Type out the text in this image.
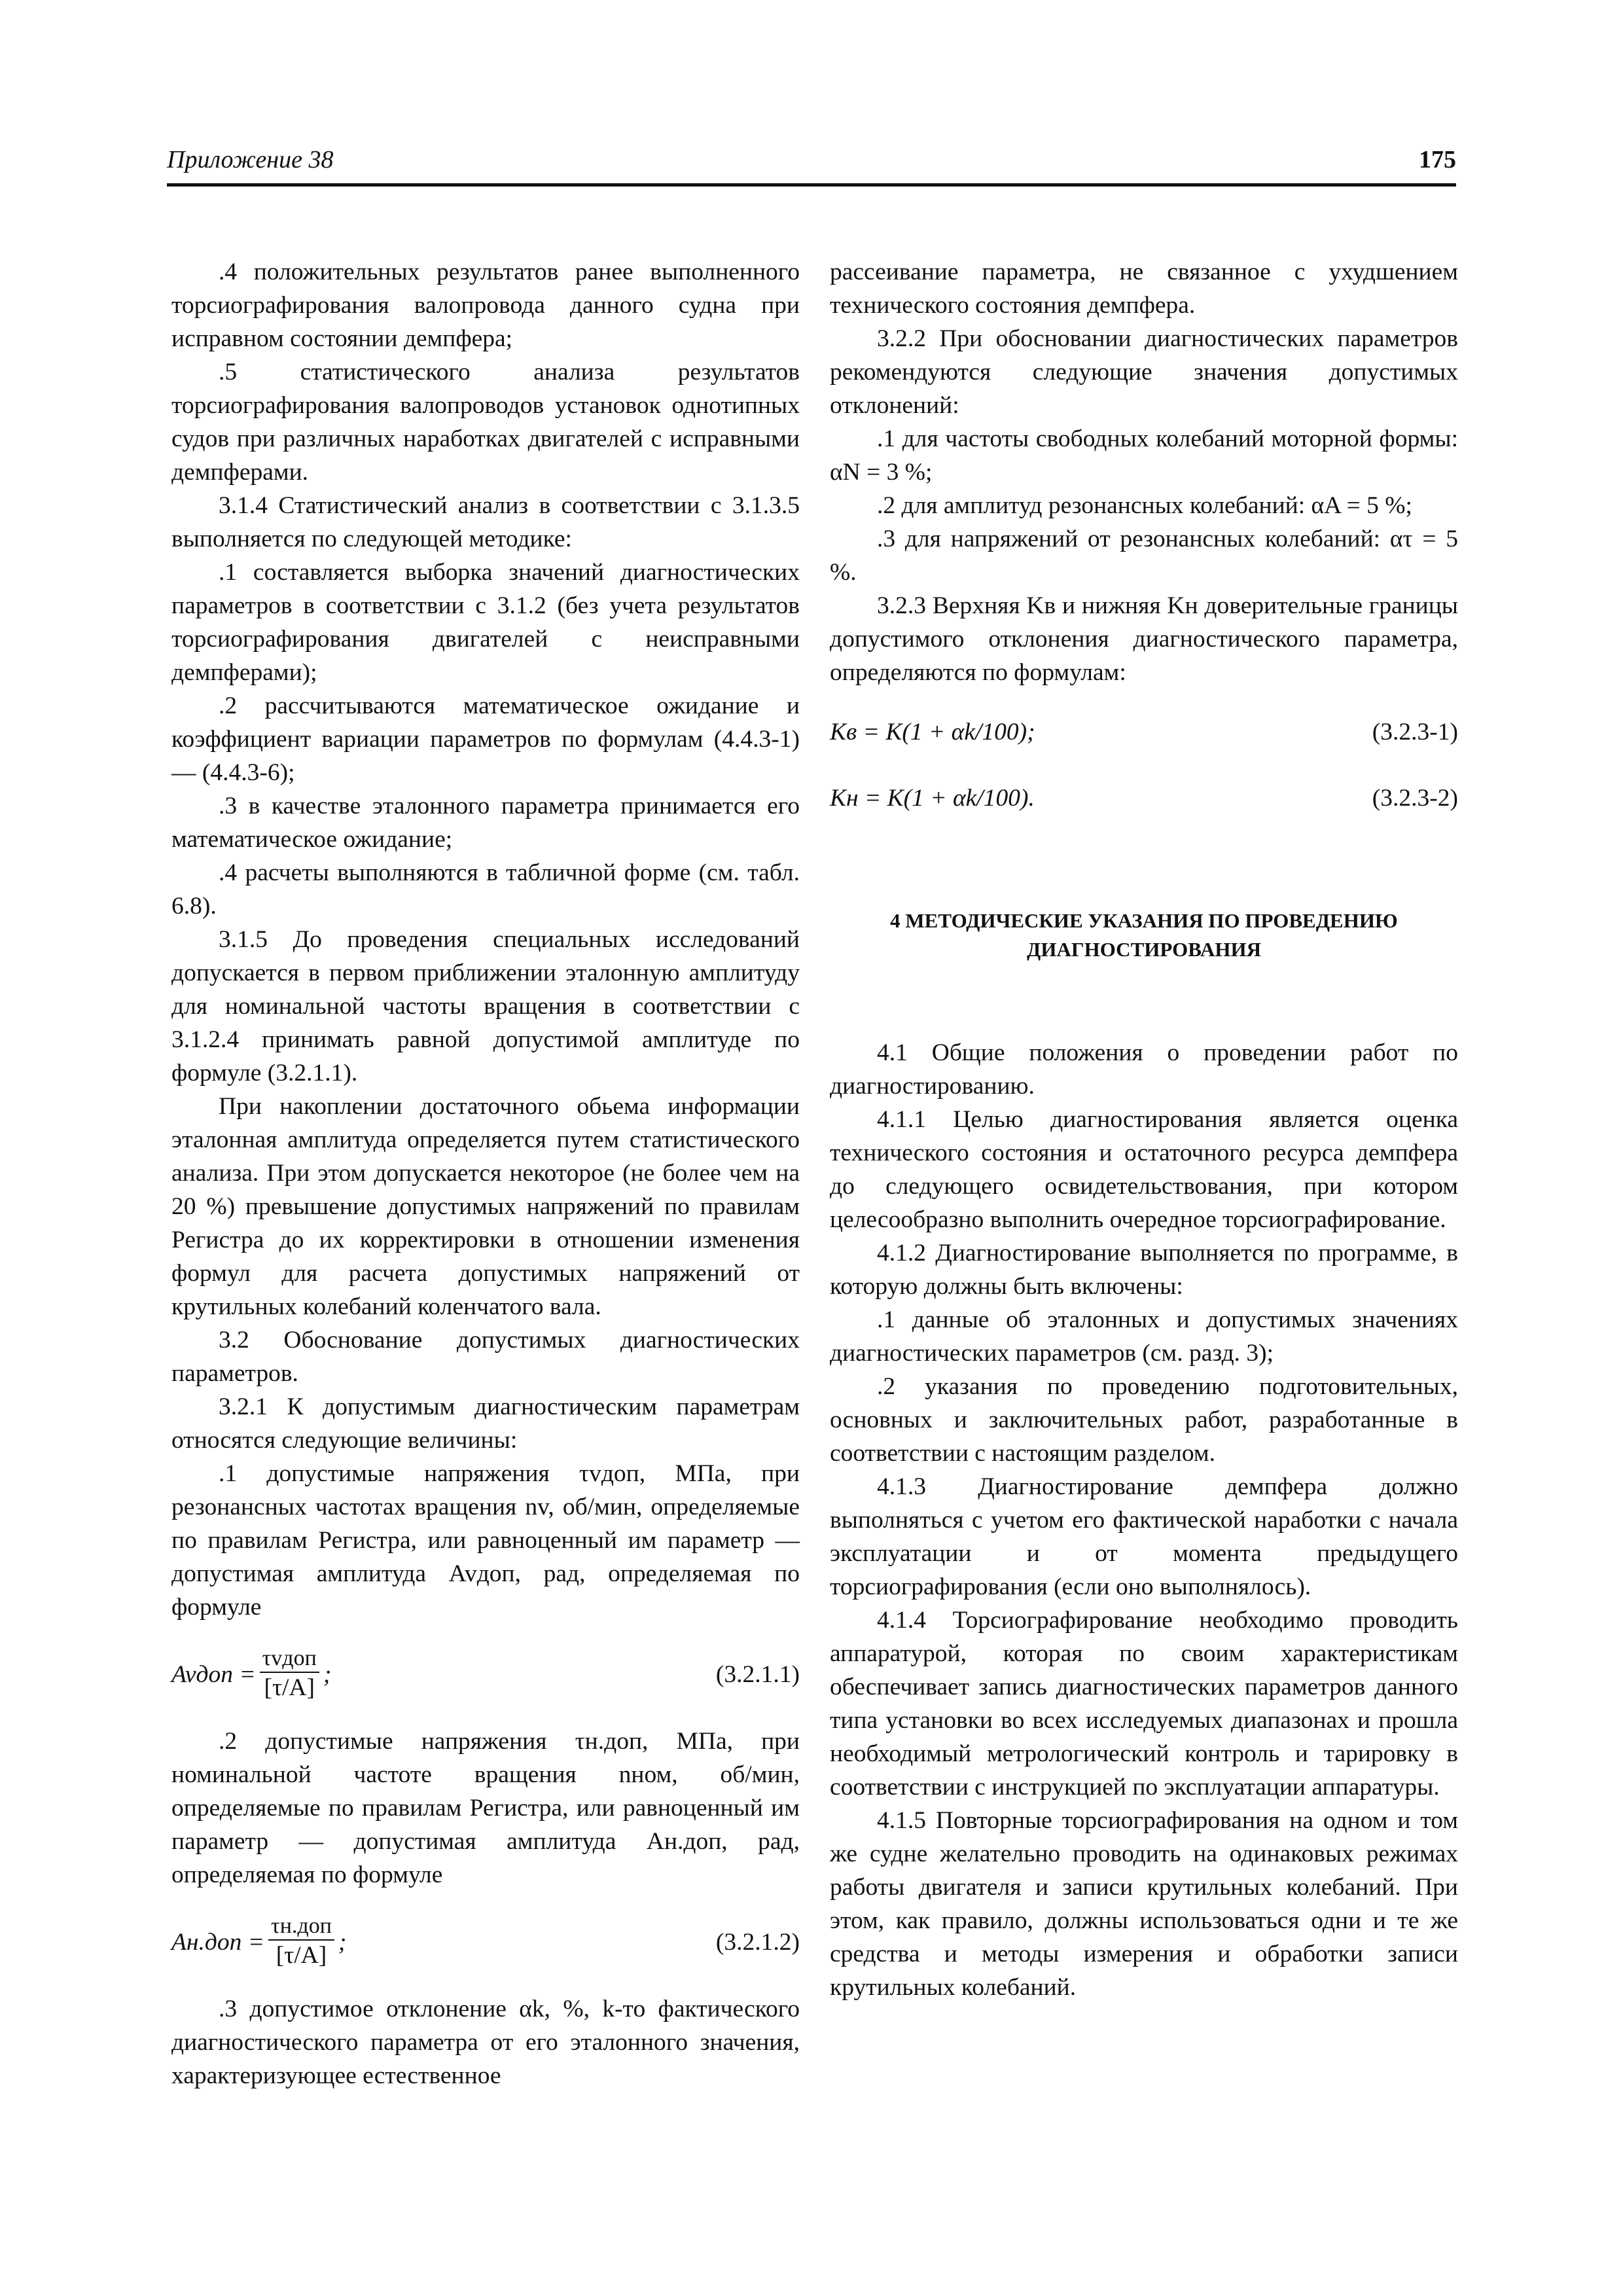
Приложение 38	175

.4 положительных результатов ранее выполненного торсиографирования валопровода данного судна при исправном состоянии демпфера;

.5 статистического анализа результатов торсиографирования валопроводов установок однотипных судов при различных наработках двигателей с исправными демпферами.

3.1.4 Статистический анализ в соответствии с 3.1.3.5 выполняется по следующей методике:

.1 составляется выборка значений диагностических параметров в соответствии с 3.1.2 (без учета результатов торсиографирования двигателей с неисправными демпферами);

.2 рассчитываются математическое ожидание и коэффициент вариации параметров по формулам (4.4.3-1) — (4.4.3-6);

.3 в качестве эталонного параметра принимается его математическое ожидание;

.4 расчеты выполняются в табличной форме (см. табл. 6.8).

3.1.5 До проведения специальных исследований допускается в первом приближении эталонную амплитуду для номинальной частоты вращения в соответствии с 3.1.2.4 принимать равной допустимой амплитуде по формуле (3.2.1.1).

При накоплении достаточного обьема информации эталонная амплитуда определяется путем статистического анализа. При этом допускается некоторое (не более чем на 20 %) превышение допустимых напряжений по правилам Регистра до их корректировки в отношении изменения формул для расчета допустимых напряжений от крутильных колебаний коленчатого вала.

3.2 Обоснование допустимых диагностических параметров.

3.2.1 К допустимым диагностическим параметрам относятся следующие величины:

.1 допустимые напряжения τvдоп, МПа, при резонансных частотах вращения nv, об/мин, определяемые по правилам Регистра, или равноценный им параметр — допустимая амплитуда Avдоп, рад, определяемая по формуле

Avдоп = $\frac{\text{τvдоп}}{[\tau/A]}$ ;	(3.2.1.1)

.2 допустимые напряжения τн.доп, МПа, при номинальной частоте вращения nном, об/мин, определяемые по правилам Регистра, или равноценный им параметр — допустимая амплитуда Aн.доп, рад, определяемая по формуле

$Aн.доп = \frac{\text{τн.доп}}{[\tau/A]}$ ;	(3.2.1.2)

.3 допустимое отклонение αk, %, k-то фактического диагностического параметра от его эталонного значения, характеризующее естественное

рассеивание параметра, не связанное с ухудшением технического состояния демпфера.

3.2.2 При обосновании диагностических параметров рекомендуются следующие значения допустимых отклонений:

.1 для частоты свободных колебаний моторной формы: αN = 3 %;

.2 для амплитуд резонансных колебаний: αA = 5 %;

.3 для напряжений от резонансных колебаний: ατ = 5 %.

3.2.3 Верхняя Kв и нижняя Kн доверительные границы допустимого отклонения диагностического параметра, определяются по формулам:

Kв = K(1 + αk/100);	(3.2.3-1)
Kн = K(1 + αk/100).	(3.2.3-2)

4 МЕТОДИЧЕСКИЕ УКАЗАНИЯ ПО ПРОВЕДЕНИЮ ДИАГНОСТИРОВАНИЯ

4.1 Общие положения о проведении работ по диагностированию.

4.1.1 Целью диагностирования является оценка технического состояния и остаточного ресурса демпфера до следующего освидетельствования, при котором целесообразно выполнить очередное торсиографирование.

4.1.2 Диагностирование выполняется по программе, в которую должны быть включены:

.1 данные об эталонных и допустимых значениях диагностических параметров (см. разд. 3);

.2 указания по проведению подготовительных, основных и заключительных работ, разработанные в соответствии с настоящим разделом.

4.1.3 Диагностирование демпфера должно выполняться с учетом его фактической наработки с начала эксплуатации и от момента предыдущего торсиографирования (если оно выполнялось).

4.1.4 Торсиографирование необходимо проводить аппаратурой, которая по своим характеристикам обеспечивает запись диагностических параметров данного типа установки во всех исследуемых диапазонах и прошла необходимый метрологический контроль и тарировку в соответствии с инструкцией по эксплуатации аппаратуры.

4.1.5 Повторные торсиографирования на одном и том же судне желательно проводить на одинаковых режимах работы двигателя и записи крутильных колебаний. При этом, как правило, должны использоваться одни и те же средства и методы измерения и обработки записи крутильных колебаний.
